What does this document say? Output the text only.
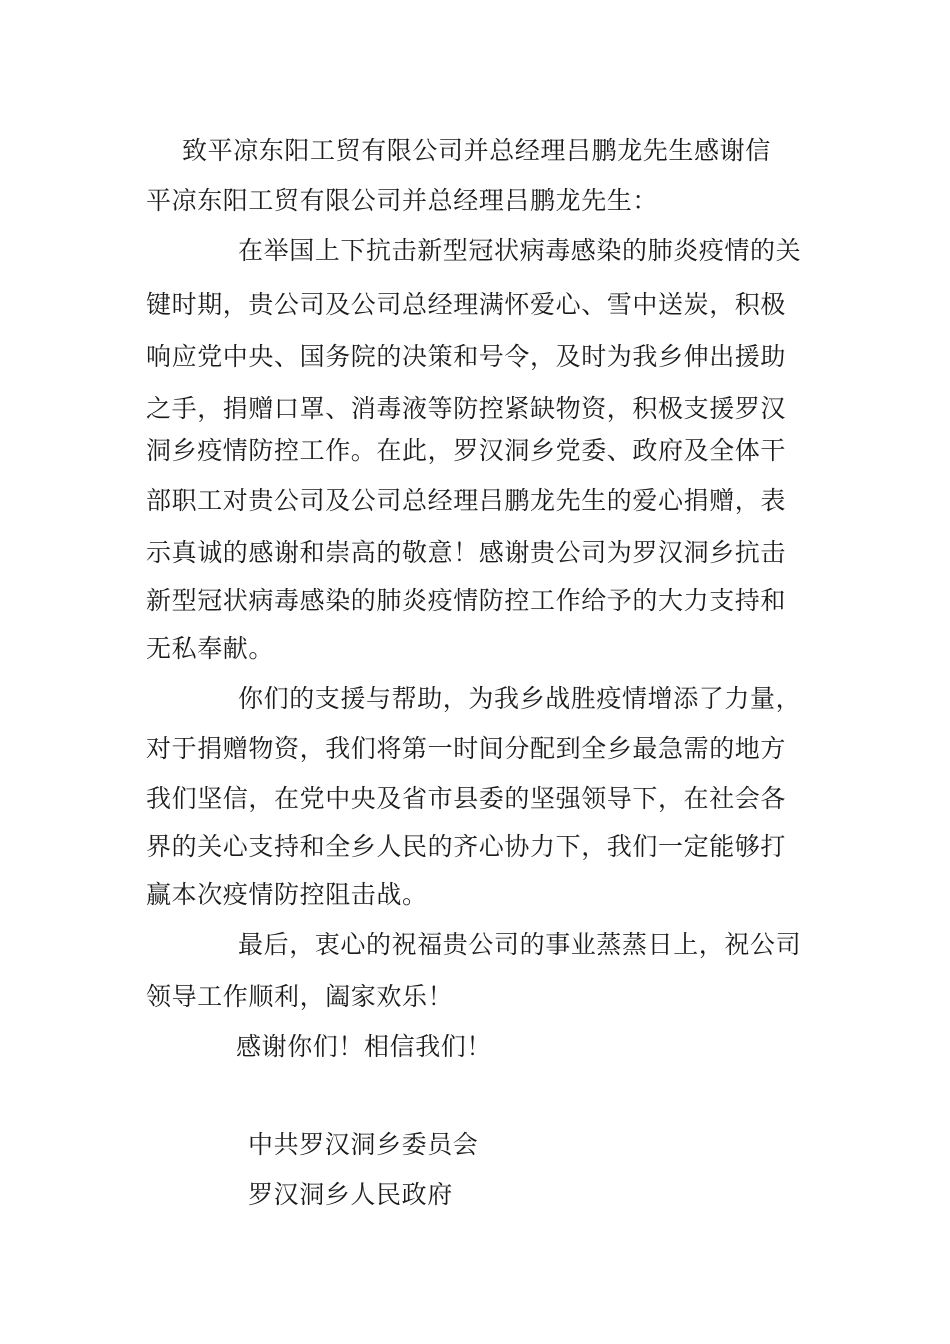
致平凉东阳工贸有限公司并总经理吕鹏龙先生感谢信
平凉东阳工贸有限公司并总经理吕鹏龙先生：
在举国上下抗击新型冠状病毒感染的肺炎疫情的关
键时期，贵公司及公司总经理满怀爱心、雪中送炭，积极
响应党中央、国务院的决策和号令，及时为我乡伸出援助
之手，捐赠口罩、消毒液等防控紧缺物资，积极支援罗汉
洞乡疫情防控工作。在此，罗汉洞乡党委、政府及全体干
部职工对贵公司及公司总经理吕鹏龙先生的爱心捐赠，表
示真诚的感谢和崇高的敬意！感谢贵公司为罗汉洞乡抗击
新型冠状病毒感染的肺炎疫情防控工作给予的大力支持和
无私奉献。
你们的支援与帮助，为我乡战胜疫情增添了力量，
对于捐赠物资，我们将第一时间分配到全乡最急需的地方
我们坚信，在党中央及省市县委的坚强领导下，在社会各
界的关心支持和全乡人民的齐心协力下，我们一定能够打
赢本次疫情防控阻击战。
最后，衷心的祝福贵公司的事业蒸蒸日上，祝公司
领导工作顺利，阖家欢乐！
感谢你们！相信我们！
中共罗汉洞乡委员会
罗汉洞乡人民政府
